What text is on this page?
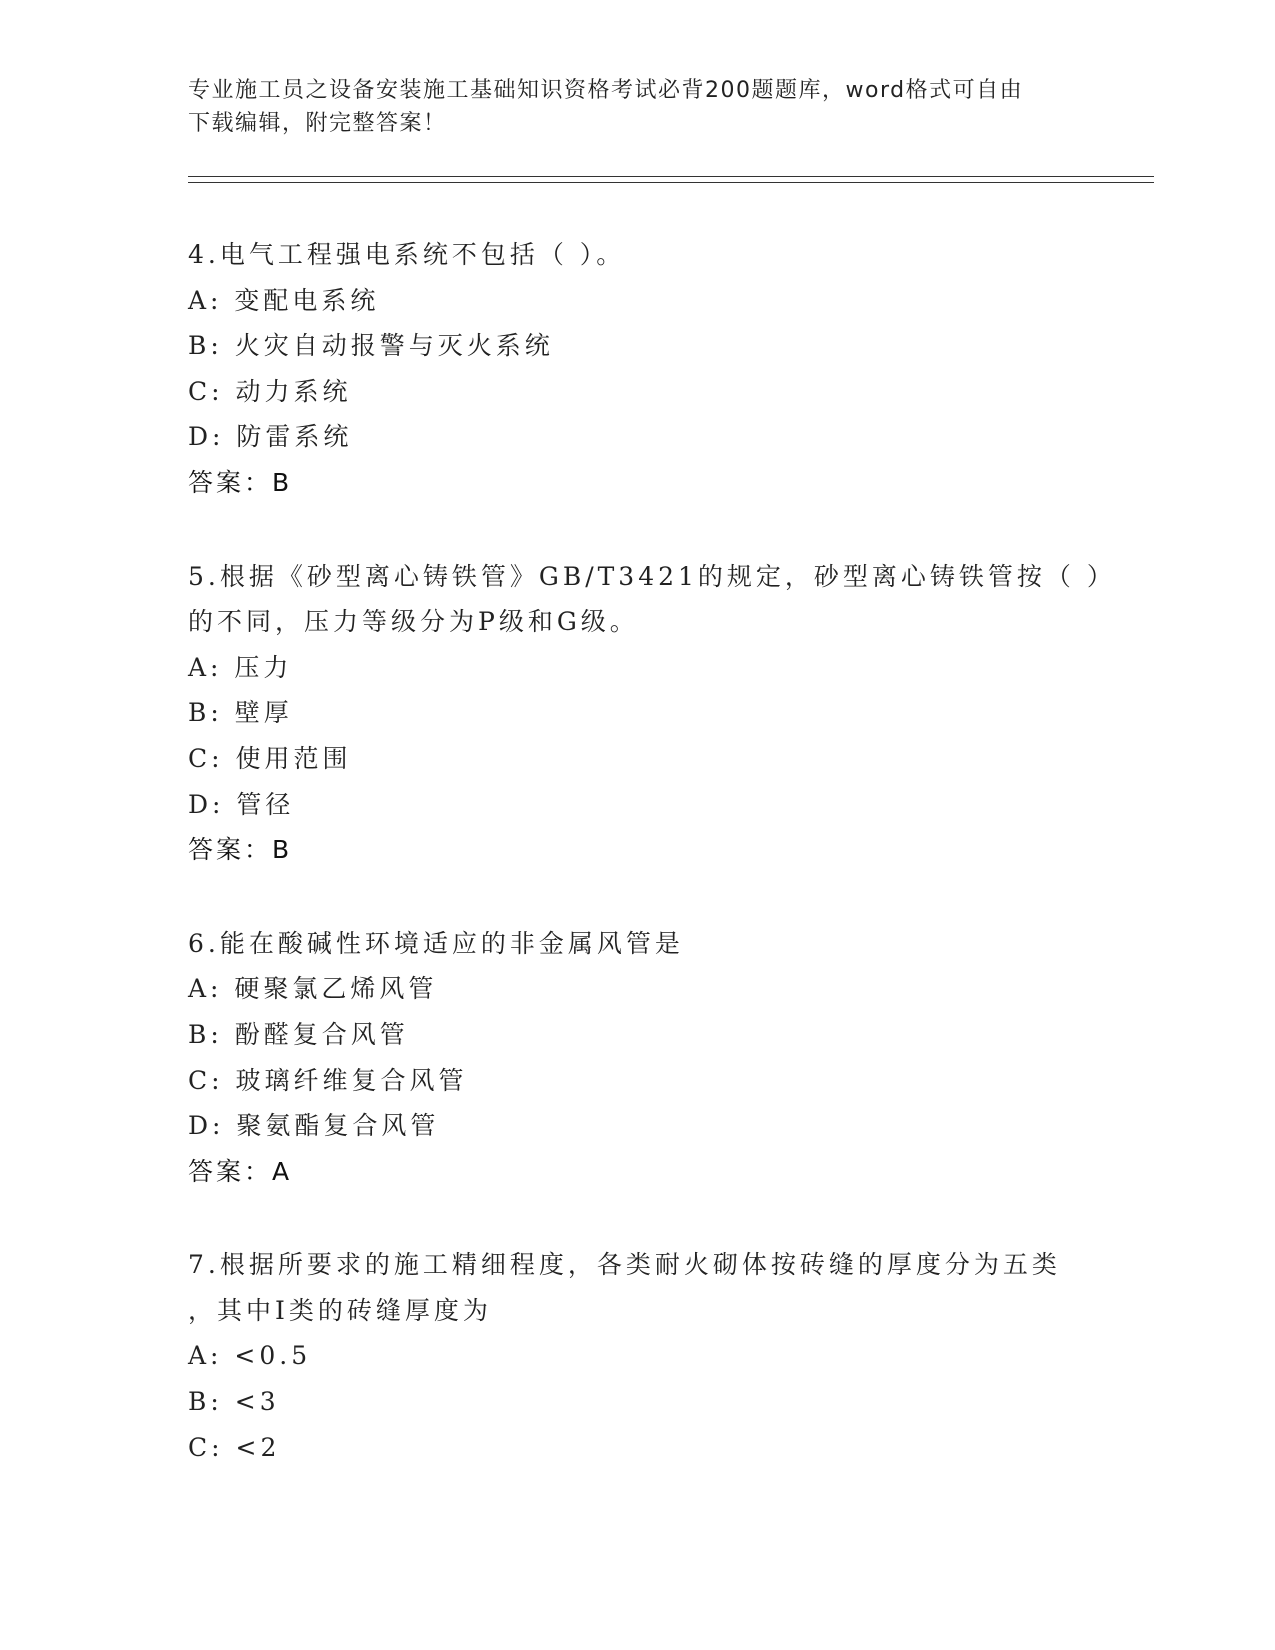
专业施工员之设备安装施工基础知识资格考试必背200题题库，word格式可自由
下载编辑，附完整答案！
4.电气工程强电系统不包括（ ）。
A: 变配电系统
B: 火灾自动报警与灭火系统
C: 动力系统
D: 防雷系统
答案：B
5.根据《砂型离心铸铁管》GB/T3421的规定，砂型离心铸铁管按（ ）
的不同，压力等级分为P级和G级。
A: 压力
B: 壁厚
C: 使用范围
D: 管径
答案：B
6.能在酸碱性环境适应的非金属风管是
A: 硬聚氯乙烯风管
B: 酚醛复合风管
C: 玻璃纤维复合风管
D: 聚氨酯复合风管
答案：A
7.根据所要求的施工精细程度，各类耐火砌体按砖缝的厚度分为五类
，其中Ⅰ类的砖缝厚度为
A: <0.5
B: <3
C: <2
